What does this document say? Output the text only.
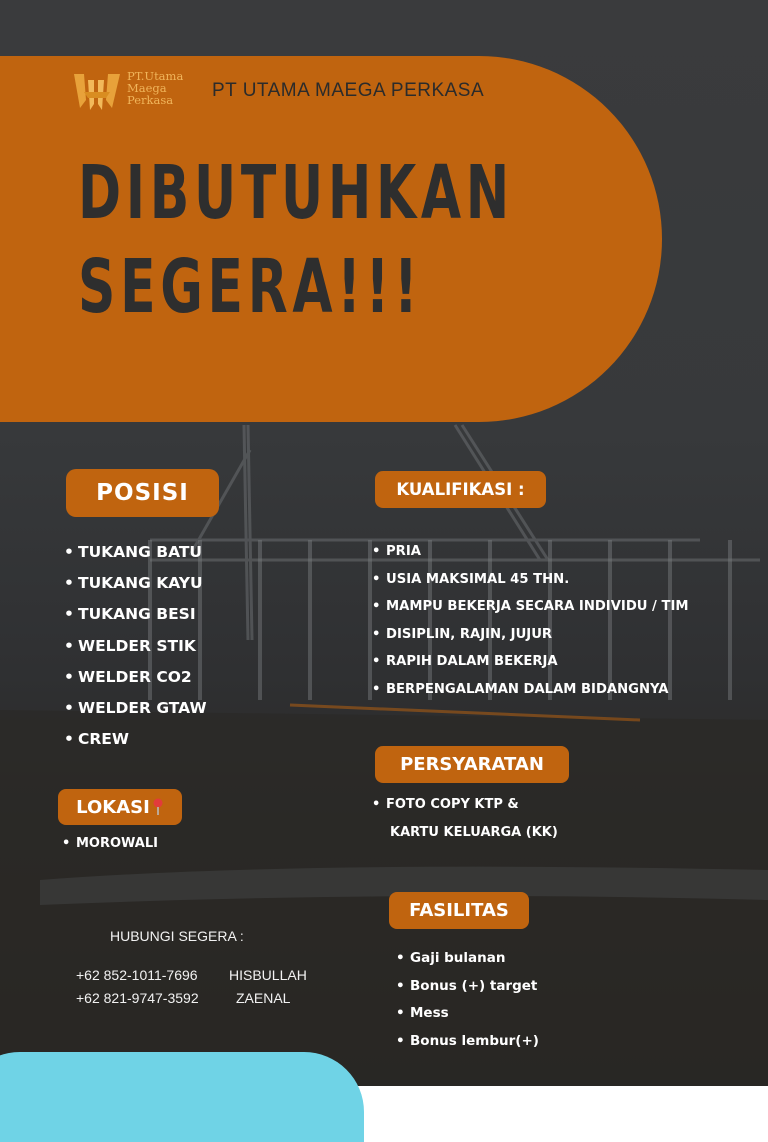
PT.Utama
Maega
Perkasa	PT UTAMA MAEGA PERKASA
DIBUTUHKAN
SEGERA!!!
POSISI
• TUKANG BATU
• TUKANG KAYU
• TUKANG BESI
• WELDER STIK
• WELDER CO2
• WELDER GTAW
• CREW
KUALIFIKASI :
• PRIA
• USIA MAKSIMAL 45 THN.
• MAMPU BEKERJA SECARA INDIVIDU / TIM
• DISIPLIN, RAJIN, JUJUR
• RAPIH DALAM BEKERJA
• BERPENGALAMAN DALAM BIDANGNYA
LOKASI
• MOROWALI
PERSYARATAN
• FOTO COPY KTP &
KARTU KELUARGA (KK)
FASILITAS
• Gaji bulanan
• Bonus (+) target
• Mess
• Bonus lembur(+)
HUBUNGI SEGERA :
+62 852-1011-7696 HISBULLAH
+62 821-9747-3592	ZAENAL
